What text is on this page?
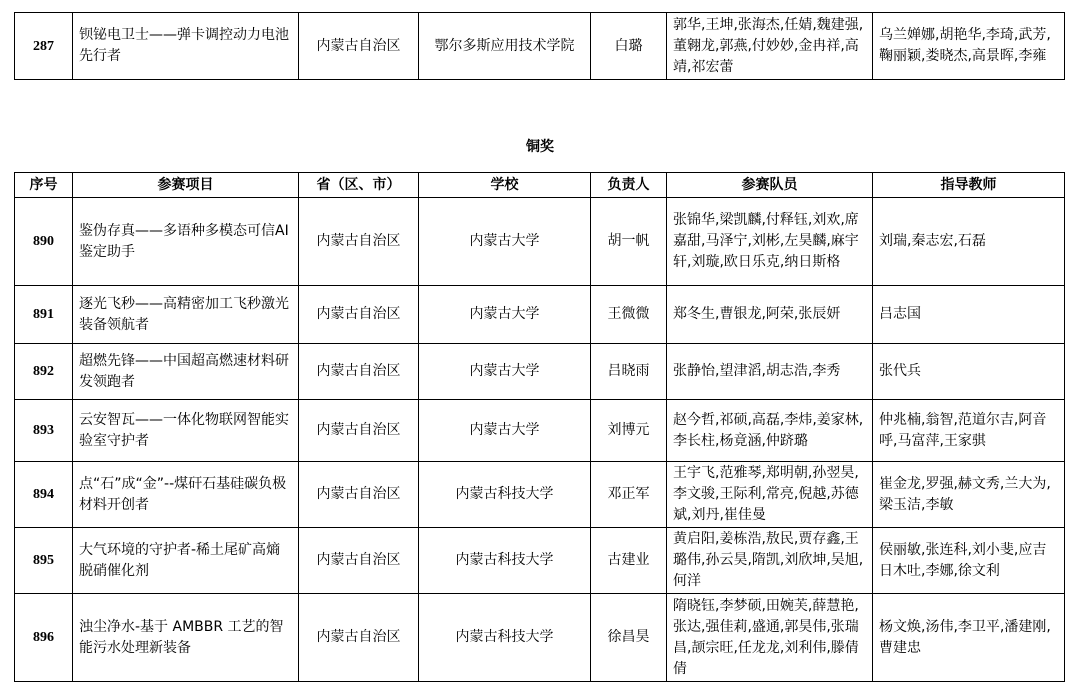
287	钡铋电卫士——弹卡调控动力电池先行者	内蒙古自治区	鄂尔多斯应用技术学院	白璐	郭华,王坤,张海杰,任婧,魏建强,董翱龙,郭燕,付妙妙,金冉祥,高靖,祁宏蕾	乌兰婵娜,胡艳华,李琦,武芳,鞠丽颖,娄晓杰,高景晖,李雍
铜奖
序号	参赛项目	省（区、市）	学校	负责人	参赛队员	指导教师
890	鉴伪存真——多语种多模态可信AI 鉴定助手	内蒙古自治区	内蒙古大学	胡一帆	张锦华,梁凯麟,付释钰,刘欢,席嘉甜,马泽宁,刘彬,左昊麟,麻宇轩,刘璇,欧日乐克,纳日斯格	刘瑞,秦志宏,石磊
891	逐光飞秒——高精密加工飞秒激光装备领航者	内蒙古自治区	内蒙古大学	王微微	郑冬生,曹银龙,阿荣,张辰妍	吕志国
892	超燃先锋——中国超高燃速材料研发领跑者	内蒙古自治区	内蒙古大学	吕晓雨	张静怡,望津滔,胡志浩,李秀	张代兵
893	云安智瓦——一体化物联网智能实验室守护者	内蒙古自治区	内蒙古大学	刘博元	赵今哲,祁硕,高磊,李炜,姜家林,李长柱,杨竟涵,仲跻璐	仲兆楠,翁智,范道尔吉,阿音呼,马富萍,王家骐
894	点“石”成“金”--煤矸石基硅碳负极材料开创者	内蒙古自治区	内蒙古科技大学	邓正军	王宇飞,范雅琴,郑明朝,孙翌昊,李文骏,王际利,常亮,倪越,苏德斌,刘丹,崔佳曼	崔金龙,罗强,赫文秀,兰大为,梁玉洁,李敏
895	大气环境的守护者-稀土尾矿高熵脱硝催化剂	内蒙古自治区	内蒙古科技大学	古建业	黄启阳,姜栋浩,敖民,贾存鑫,王璐伟,孙云昊,隋凯,刘欣坤,吴旭,何洋	侯丽敏,张连科,刘小斐,应吉日木吐,李娜,徐文利
896	浊尘净水-基于 AMBBR 工艺的智能污水处理新装备	内蒙古自治区	内蒙古科技大学	徐昌昊	隋晓钰,李梦硕,田婉芙,薛慧艳,张达,强佳莉,盛通,郭昊伟,张瑞昌,颉宗旺,任龙龙,刘利伟,滕倩倩	杨文焕,汤伟,李卫平,潘建刚,曹建忠
